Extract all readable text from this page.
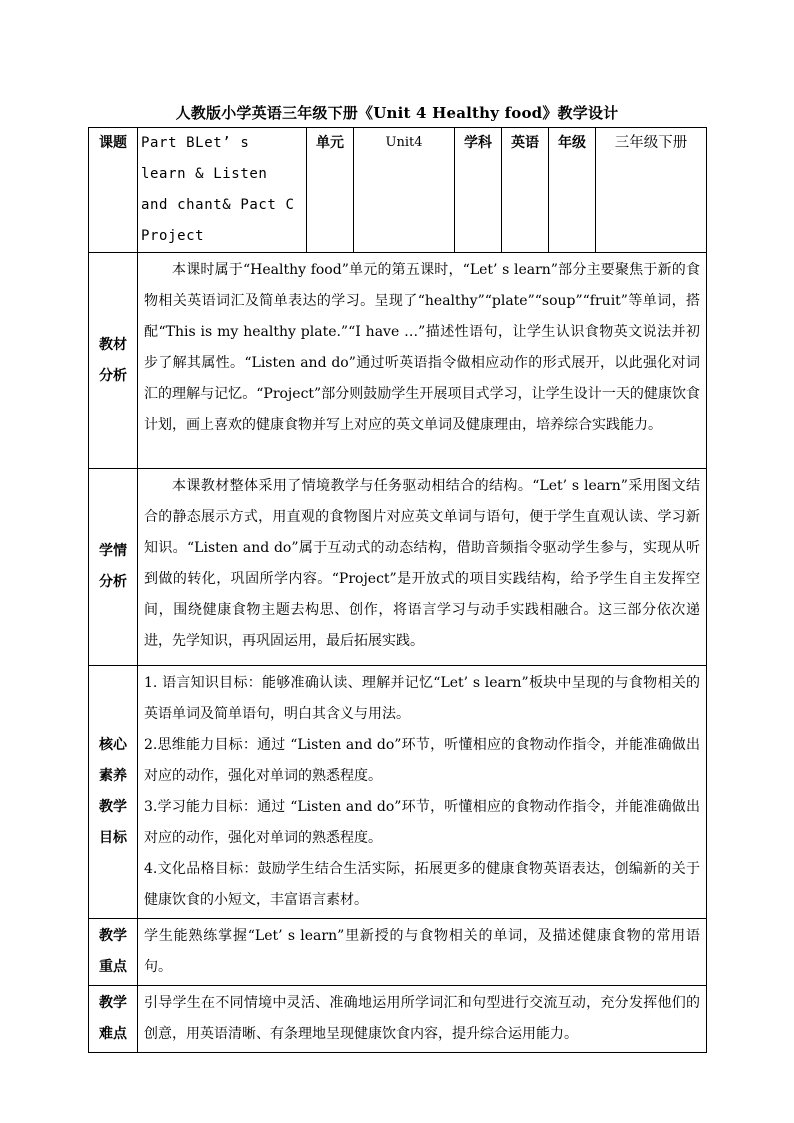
人教版小学英语三年级下册《Unit 4 Healthy food》教学设计
课题	Part BLet’ s learn & Listen and chant& Pact C Project	单元	Unit4	学科	英语	年级	三年级下册
教材分析	本课时属于“Healthy food”单元的第五课时，“Let’ s learn”部分主要聚焦于新的食物相关英语词汇及简单表达的学习。呈现了“healthy”“plate”“soup”“fruit”等单词，搭配“This is my healthy plate.”“I have …”描述性语句，让学生认识食物英文说法并初步了解其属性。“Listen and do”通过听英语指令做相应动作的形式展开，以此强化对词汇的理解与记忆。“Project”部分则鼓励学生开展项目式学习，让学生设计一天的健康饮食计划，画上喜欢的健康食物并写上对应的英文单词及健康理由，培养综合实践能力。						
学情分析	本课教材整体采用了情境教学与任务驱动相结合的结构。“Let’ s learn”采用图文结合的静态展示方式，用直观的食物图片对应英文单词与语句，便于学生直观认读、学习新知识。“Listen and do”属于互动式的动态结构，借助音频指令驱动学生参与，实现从听到做的转化，巩固所学内容。“Project”是开放式的项目实践结构，给予学生自主发挥空间，围绕健康食物主题去构思、创作，将语言学习与动手实践相融合。这三部分依次递进，先学知识，再巩固运用，最后拓展实践。						
核心素养教学目标	1. 语言知识目标：能够准确认读、理解并记忆“Let’ s learn”板块中呈现的与食物相关的英语单词及简单语句，明白其含义与用法。
2.思维能力目标：通过 “Listen and do”环节，听懂相应的食物动作指令，并能准确做出对应的动作，强化对单词的熟悉程度。
3.学习能力目标：通过 “Listen and do”环节，听懂相应的食物动作指令，并能准确做出对应的动作，强化对单词的熟悉程度。
4.文化品格目标：鼓励学生结合生活实际，拓展更多的健康食物英语表达，创编新的关于健康饮食的小短文，丰富语言素材。						

教学重点	学生能熟练掌握“Let’ s learn”里新授的与食物相关的单词，及描述健康食物的常用语句。						
教学难点	引导学生在不同情境中灵活、准确地运用所学词汇和句型进行交流互动，充分发挥他们的创意，用英语清晰、有条理地呈现健康饮食内容，提升综合运用能力。						
